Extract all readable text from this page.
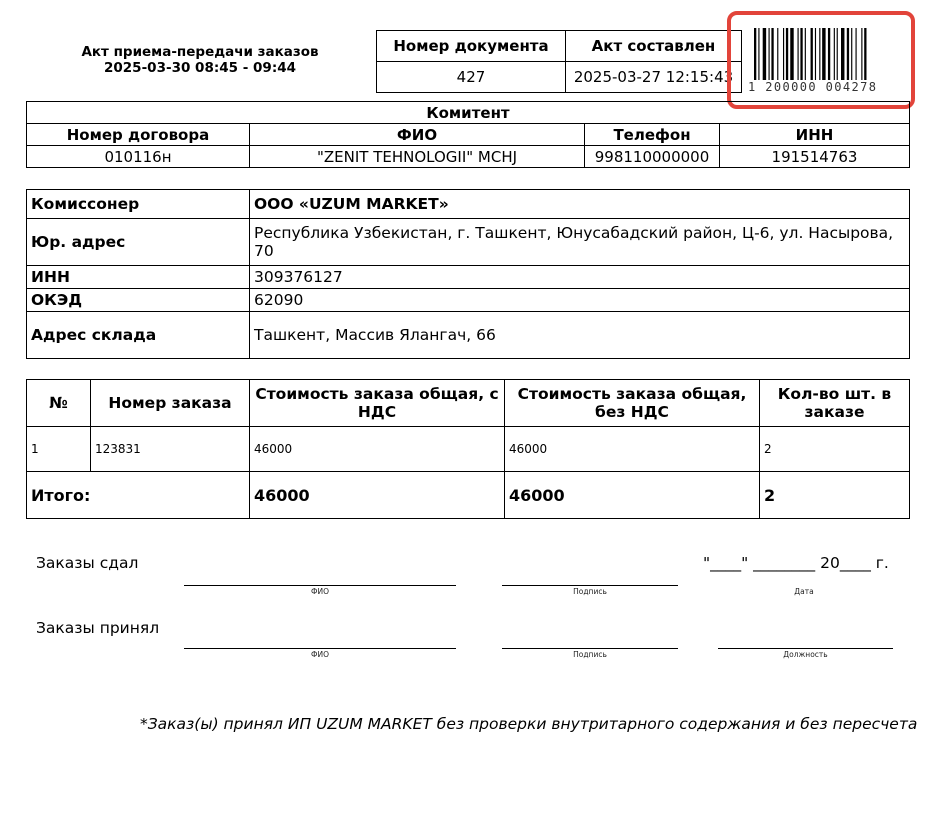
Акт приема-передачи заказов
2025-03-30 08:45 - 09:44
Номер документа	Акт составлен
427	2025-03-27 12:15:43
1 200000 004278
Комитент			
Номер договора	ФИО	Телефон	ИНН
010116н	"ZENIT TEHNOLOGII" MCHJ	998110000000	191514763
Комиссонер	ООО «UZUM MARKET»
Юр. адрес	Республика Узбекистан, г. Ташкент, Юнусабадский район, Ц-6, ул. Насырова, 70
ИНН	309376127
ОКЭД	62090
Адрес склада	Ташкент, Массив Ялангач, 66
№	Номер заказа	Стоимость заказа общая, с НДС	Стоимость заказа общая, без НДС	Кол-во шт. в заказе
1	123831	46000	46000	2
Итого:		46000	46000	2
Заказы сдал	"____" ________ 20____ г.
ФИО	Подпись	Дата
Заказы принял
ФИО	Подпись	Должность
*Заказ(ы) принял ИП UZUM MARKET без проверки внутритарного содержания и без пересчета
